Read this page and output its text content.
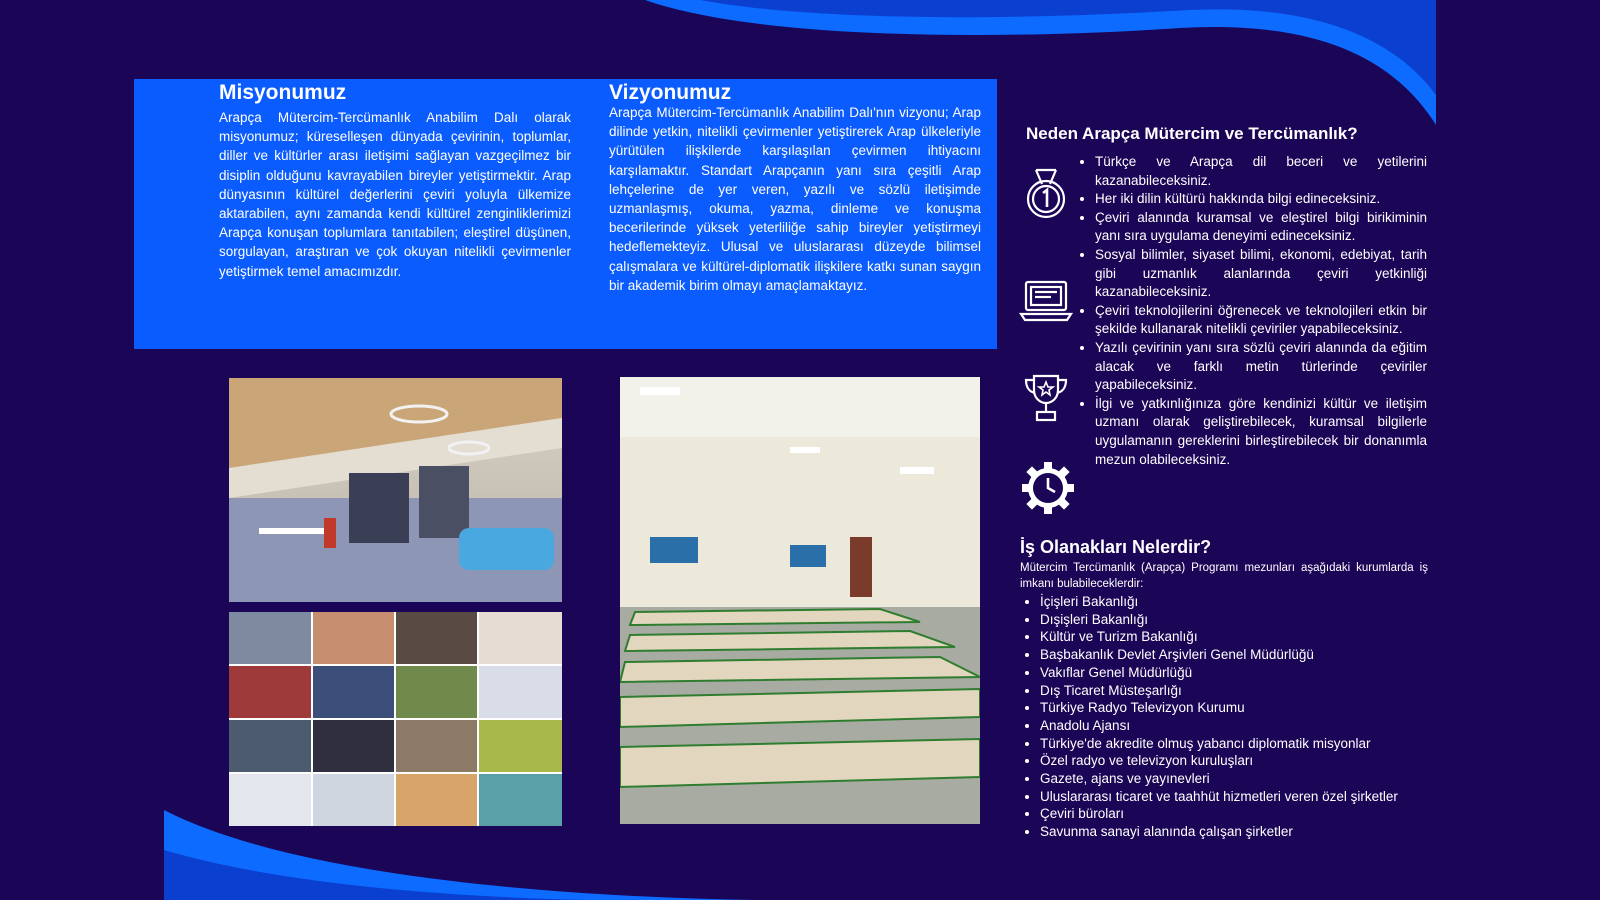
Misyonumuz

Arapça Mütercim-Tercümanlık Anabilim Dalı olarak misyonumuz; küreselleşen dünyada çevirinin, toplumlar, diller ve kültürler arası iletişimi sağlayan vazgeçilmez bir disiplin olduğunu kavrayabilen bireyler yetiştirmektir. Arap dünyasının kültürel değerlerini çeviri yoluyla ülkemize aktarabilen, aynı zamanda kendi kültürel zenginliklerimizi Arapça konuşan toplumlara tanıtabilen; eleştirel düşünen, sorgulayan, araştıran ve çok okuyan nitelikli çevirmenler yetiştirmek temel amacımızdır.

Vizyonumuz

Arapça Mütercim-Tercümanlık Anabilim Dalı'nın vizyonu; Arap dilinde yetkin, nitelikli çevirmenler yetiştirerek Arap ülkeleriyle yürütülen ilişkilerde karşılaşılan çevirmen ihtiyacını karşılamaktır. Standart Arapçanın yanı sıra çeşitli Arap lehçelerine de yer veren, yazılı ve sözlü iletişimde uzmanlaşmış, okuma, yazma, dinleme ve konuşma becerilerinde yüksek yeterliliğe sahip bireyler yetiştirmeyi hedeflemekteyiz. Ulusal ve uluslararası düzeyde bilimsel çalışmalara ve kültürel-diplomatik ilişkilere katkı sunan saygın bir akademik birim olmayı amaçlamaktayız.

Neden Arapça Mütercim ve Tercümanlık?
• Türkçe ve Arapça dil beceri ve yetilerini kazanabileceksiniz.
• Her iki dilin kültürü hakkında bilgi edineceksiniz.
• Çeviri alanında kuramsal ve eleştirel bilgi birikiminin yanı sıra uygulama deneyimi edineceksiniz.
• Sosyal bilimler, siyaset bilimi, ekonomi, edebiyat, tarih gibi uzmanlık alanlarında çeviri yetkinliği kazanabileceksiniz.
• Çeviri teknolojilerini öğrenecek ve teknolojileri etkin bir şekilde kullanarak nitelikli çeviriler yapabileceksiniz.
• Yazılı çevirinin yanı sıra sözlü çeviri alanında da eğitim alacak ve farklı metin türlerinde çeviriler yapabileceksiniz.
• İlgi ve yatkınlığınıza göre kendinizi kültür ve iletişim uzmanı olarak geliştirebilecek, kuramsal bilgilerle uygulamanın gereklerini birleştirebilecek bir donanımla mezun olabileceksiniz.
İş Olanakları Nelerdir?

Mütercim Tercümanlık (Arapça) Programı mezunları aşağıdaki kurumlarda iş imkanı bulabileceklerdir:

• İçişleri Bakanlığı
• Dışişleri Bakanlığı
• Kültür ve Turizm Bakanlığı
• Başbakanlık Devlet Arşivleri Genel Müdürlüğü
• Vakıflar Genel Müdürlüğü
• Dış Ticaret Müsteşarlığı
• Türkiye Radyo Televizyon Kurumu
• Anadolu Ajansı
• Türkiye'de akredite olmuş yabancı diplomatik misyonlar
• Özel radyo ve televizyon kuruluşları
• Gazete, ajans ve yayınevleri
• Uluslararası ticaret ve taahhüt hizmetleri veren özel şirketler
• Çeviri büroları
• Savunma sanayi alanında çalışan şirketler
